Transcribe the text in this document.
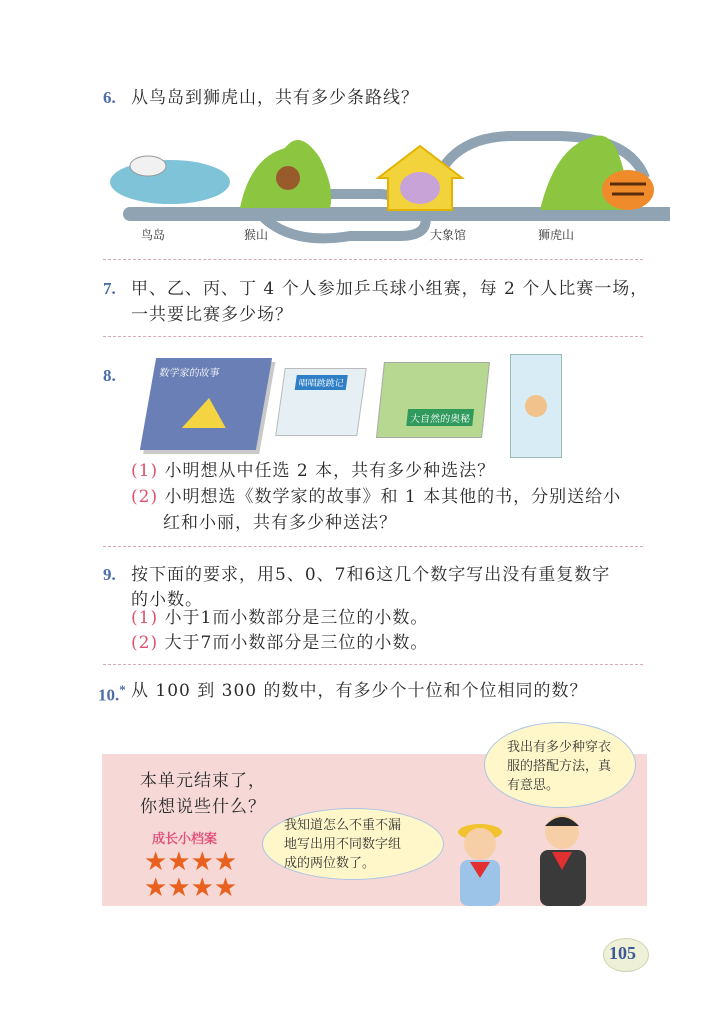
6. 从鸟岛到狮虎山，共有多少条路线？
鸟岛	猴山	大象馆	狮虎山
7. 甲、乙、丙、丁 4 个人参加乒乓球小组赛，每 2 个人比赛一场，
一共要比赛多少场？
8.	数学家的故事
唱唱跳跳记
大自然的奥秘
(1) 小明想从中任选 2 本，共有多少种选法？
(2) 小明想选《数学家的故事》和 1 本其他的书，分别送给小
红和小丽，共有多少种送法？
9. 按下面的要求，用5、0、7和6这几个数字写出没有重复数字
的小数。
(1) 小于1而小数部分是三位的小数。
(2) 大于7而小数部分是三位的小数。
10.* 从 100 到 300 的数中，有多少个十位和个位相同的数？
本单元结束了，
你想说些什么？
成长小档案
★★★★
★★★★
我知道怎么不重不漏
地写出用不同数字组
成的两位数了。
我出有多少种穿衣
服的搭配方法，真
有意思。
105
